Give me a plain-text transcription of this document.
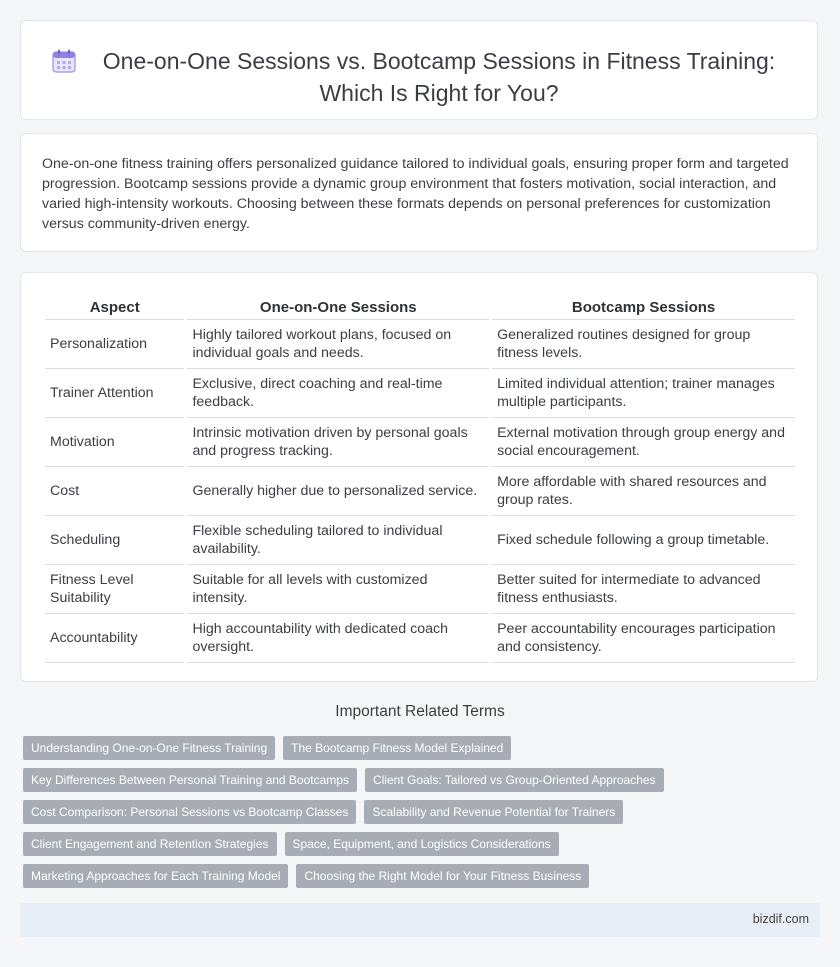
One-on-One Sessions vs. Bootcamp Sessions in Fitness Training: Which Is Right for You?

One-on-one fitness training offers personalized guidance tailored to individual goals, ensuring proper form and targeted progression. Bootcamp sessions provide a dynamic group environment that fosters motivation, social interaction, and varied high-intensity workouts. Choosing between these formats depends on personal preferences for customization versus community-driven energy.

Aspect	One-on-One Sessions	Bootcamp Sessions
Personalization	Highly tailored workout plans, focused on individual goals and needs.	Generalized routines designed for group fitness levels.
Trainer Attention	Exclusive, direct coaching and real-time feedback.	Limited individual attention; trainer manages multiple participants.
Motivation	Intrinsic motivation driven by personal goals and progress tracking.	External motivation through group energy and social encouragement.
Cost	Generally higher due to personalized service.	More affordable with shared resources and group rates.
Scheduling	Flexible scheduling tailored to individual availability.	Fixed schedule following a group timetable.
Fitness Level Suitability	Suitable for all levels with customized intensity.	Better suited for intermediate to advanced fitness enthusiasts.
Accountability	High accountability with dedicated coach oversight.	Peer accountability encourages participation and consistency.
Important Related Terms
Understanding One-on-One Fitness Training	The Bootcamp Fitness Model Explained
Key Differences Between Personal Training and Bootcamps	Client Goals: Tailored vs Group-Oriented Approaches
Cost Comparison: Personal Sessions vs Bootcamp Classes	Scalability and Revenue Potential for Trainers
Client Engagement and Retention Strategies	Space, Equipment, and Logistics Considerations
Marketing Approaches for Each Training Model	Choosing the Right Model for Your Fitness Business
bizdif.com
